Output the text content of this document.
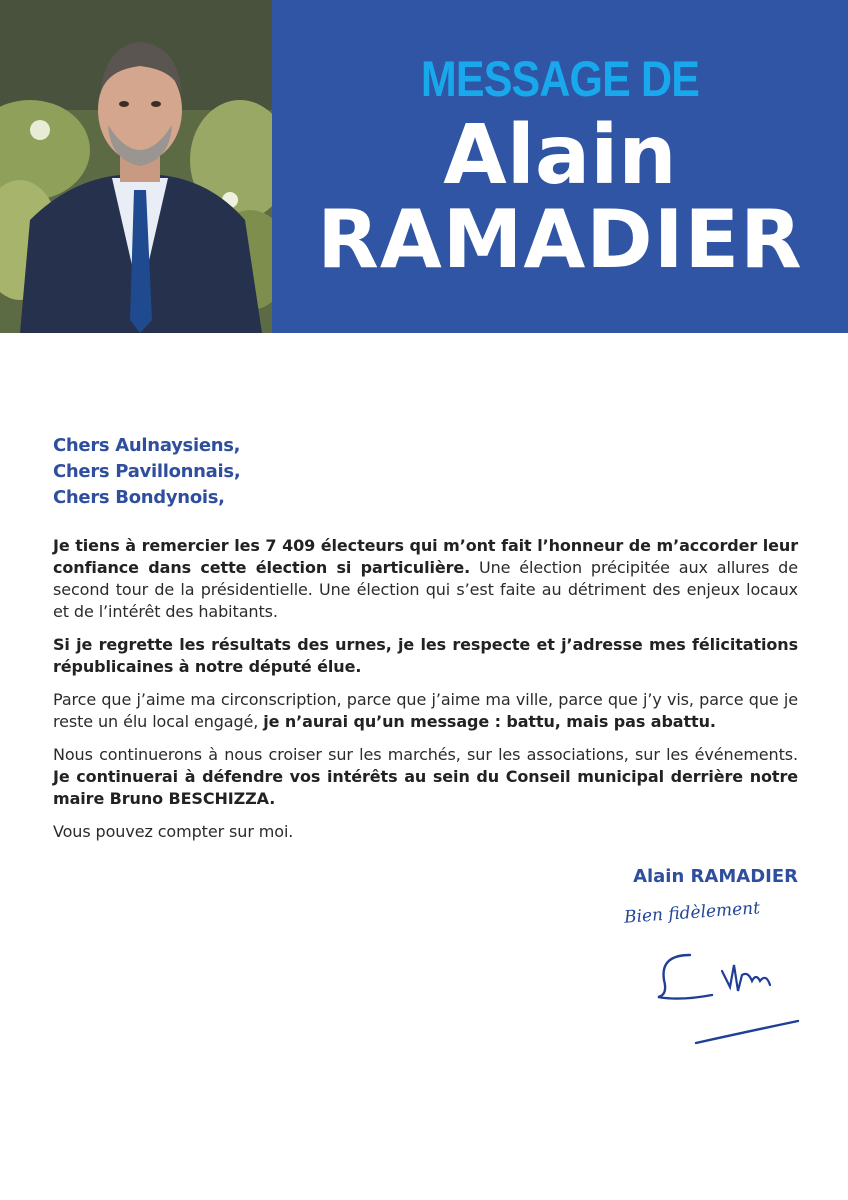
MESSAGE DE
Alain
RAMADIER
Chers Aulnaysiens,
Chers Pavillonnais,
Chers Bondynois,

Je tiens à remercier les 7 409 électeurs qui m’ont fait l’honneur de m’accorder leur confiance dans cette élection si particulière. Une élection précipitée aux allures de second tour de la présidentielle. Une élection qui s’est faite au détriment des enjeux locaux et de l’intérêt des habitants.

Si je regrette les résultats des urnes, je les respecte et j’adresse mes félicitations républicaines à notre député élue.

Parce que j’aime ma circonscription, parce que j’aime ma ville, parce que j’y vis, parce que je reste un élu local engagé, je n’aurai qu’un message : battu, mais pas abattu.

Nous continuerons à nous croiser sur les marchés, sur les associations, sur les événements. Je continuerai à défendre vos intérêts au sein du Conseil municipal derrière notre maire Bruno BESCHIZZA.

Vous pouvez compter sur moi.

Alain RAMADIER
Bien fidèlement
